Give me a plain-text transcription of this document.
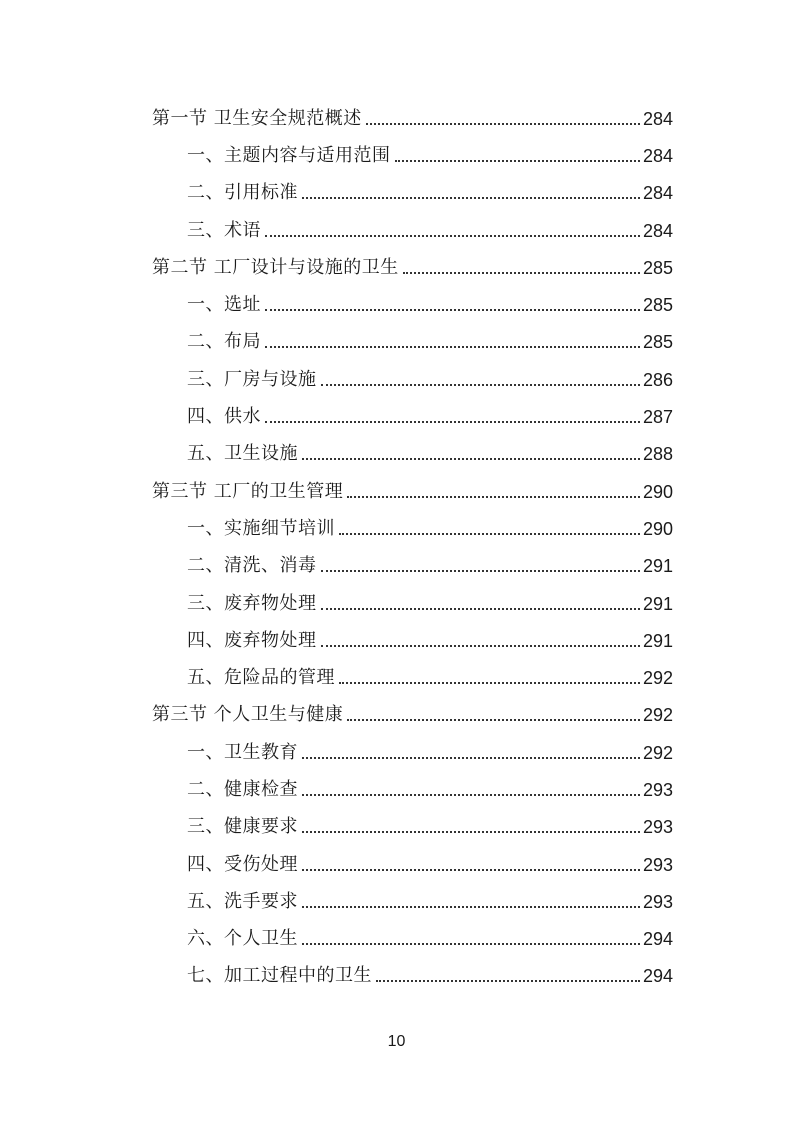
第一节 卫生安全规范概述	284
一、主题内容与适用范围	284
二、引用标准	284
三、术语	284
第二节 工厂设计与设施的卫生	285
一、选址	285
二、布局	285
三、厂房与设施	286
四、供水	287
五、卫生设施	288
第三节 工厂的卫生管理	290
一、实施细节培训	290
二、清洗、消毒	291
三、废弃物处理	291
四、废弃物处理	291
五、危险品的管理	292
第三节 个人卫生与健康	292
一、卫生教育	292
二、健康检查	293
三、健康要求	293
四、受伤处理	293
五、洗手要求	293
六、个人卫生	294
七、加工过程中的卫生	294
10
